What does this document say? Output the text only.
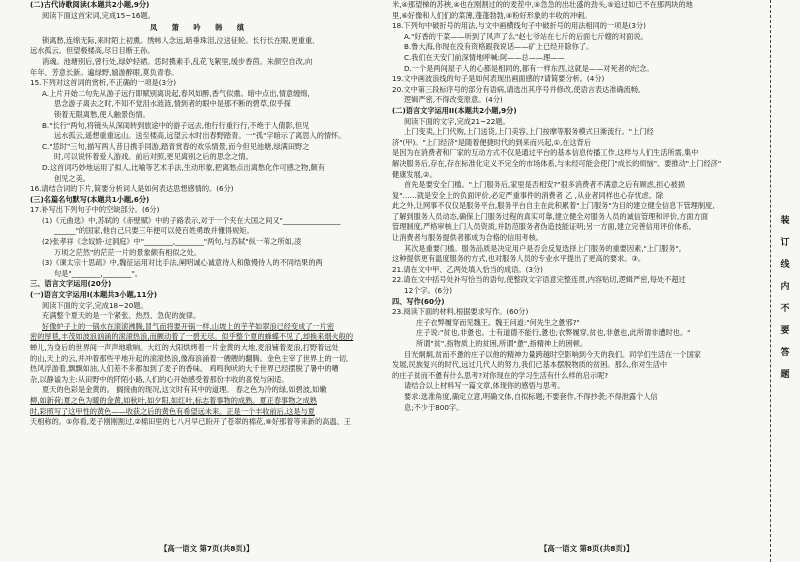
(二)古代诗歌阅读(本题共2小题,9分)
阅读下面这首宋词,完成15~16题。
凤 箫 吟 韩 缜
锁离愁,连绵无际,来时陌上初熏。绣帏人念远,暗垂珠泪,泣送征轮。长行长在眼,更重重、
远水孤云。但望极楼高,尽日目断王孙。
消魂。池塘别后,曾行处,绿妒轻裙。恁时携素手,乱花飞絮里,缓步香茵。朱颜空自改,向
年年、芳意长新。遍绿野,嬉游醉眼,莫负青春。
15.下列对这首词的赏析,不正确的一项是(3分)
A.上片开始二句先从游子远行即赋别离说起,春风如醉,香气似熏。暗中点出,情意缠绵,
思念游子离去之时,不知不觉泪水涟涟,情到者的眼中是那不断的碧草,似乎探
锁着无限离愁,使人触景伤情。
B."长行"两句,将镜头从深闺转到旅途中的游子远去,他行行重行行,不绝于人倩影,但见
远水孤云,遥想重重远山。送至楼高,远望云水时出春野踏青。一"孤"字暗示了离思人的情怀。
C."恁时"三句,描写两人昔日携手同游,踏青赏春的欢乐情景,而今但见池塘,绿满田野之
时,可以说怀着爱人游戏。前后对照,更见离别之后的思念之情。
D.这首词巧妙地运用了拟人,比喻等艺术手法,生动形象,把离愁点出离愁化作可感之物,颇有
创见之美。
16.请结合词的下片,简要分析词人是如何表达思想感情的。(6分)
(三)名篇名句默写(本题共1小题,6分)
17.补写出下列句子中的空缺部分。(6分)
(1)《元曲选》中,苏轼的《赤壁赋》中的子路表示,对于一个夹在大国之间又"________________
______"的国家,他自己只要三年便可以使百姓勇敢并懂得规矩。
(2)张孝祥《念奴娇·过洞庭》中"________,________"两句,与苏轼"纵一苇之所如,凌
万顷之茫然"的茫茫一片的景象颇有相似之处。
(3)《谏太宗十思疏》中,魏征运用对比手法,阐明诚心诚意待人和傲慢待人的不同结果的两
句是"________,________"。
三、语言文字运用(20分)
(一)语言文字运用I(本题共3小题,11分)
阅读下面的文字,完成18~20题。
充满整个夏天的是一个紧张、热烈、急促的旋律。
好像炉子上的一锅水在滚滚沸腾,冒气而将要开锅一样,山坡上的芋芊如翠浪已经变成了一片密
密的厚毯,丰茂如波浪汹涌的滚滚热浪,而颤动着了一碧无尽。似乎整个夏的蜂蝶不见了,却换来烟火般的
蝉儿,为身后的世界间一声声地歌响。大红的大阳烘烤着一片金黄的大地,麦浪铺着麦浪,打野着远处
的山,天上的云,并冲着那些平地升起的滚滚热浪,像海浪涌着一艘艘的翻腾。金色主宰了世界上的一切,
热风浮游着,飘飘如油,人们差不多都加到了麦子的香味。 鸡鸣狗吠的大千世界已经摆脱了暑中的嘈
杂,以静谧为主:从田野中的阡陌小路,人们的心开始感受着那份丰收的喜悦与闲适。
夏天的色彩是金黄的。 搁接曲的现况,这文时有其中的道理。 春之色为冷的绿,如碧波,如嫩
柳,如新荷;夏之色为暖的金黄,如秋叶,如夕阳,如红叶,标志着事物的成熟。夏正春事物之成熟
时,彩照写了这甲性的黄色——收获之后的黄色有希望远未来。正是一个丰收前后,这是与夏
天相称的。①你看,麦子刚刚割过,②棉田里的七八月早已盼开了苍翠的棉花,⑧好那着等来新的高温、王
米,④那望梯的苏秧,④也在刚割过的的麦茬中,⑤急急的出壮盛的劲头,⑤追过如已不在那两块的地
里,⑥好像和人们们的菜薄,蓬蓬勃勃,④粉好形象的丰收的冲刺。
18.下列句中破折号的用法,与文中画横线句子中破折号的用法相同的一项是(3分)
A."好香的干菜——听到了风声了么"赵七爷站在七斤的后面七斤嫂的对面说。
B.鲁大海,你现在没有资格跟我说话——矿上已经开除你了。
C.我们在天安门前深情地呼喊:阿——总——理——
D.一个是两间屋子人的心都是相同的,都有一样东西,这就是——对死者的纪念。
19.文中画波浪线的句子是如何表现出画面感的?请简要分析。(4分)
20.文中第三段标序号的部分有语病,请选出其序号并修改,使语言表达准确流畅,
逻辑严密,不得改变原意。(4分)
(二)语言文字运用II(本题共2小题,9分)
阅读下面的文字,完成21~22题。
上门变卖,上门代购,上门送货,上门美容,上门按摩等服务模式日渐流行。"上门经
济"(甲)。"上门经济"是随着便捷时代的到来而兴起,①,在这背后
是因为在消费者和厂家的互动方式不仅是通过平台的基本信息传播工作,这样与人们生活所需,集中
解决服务后,存在,存在标准化定义不完全的市场体系,与未经可能会使门"成长的烦恼"。要推动"上门经济"
健康发展,②。
首先是要安全门槛。"上门服务后,家里是否相安?"很多消费者不满意之后有顾虑,担心被损
复"……就是安全上的负面评价,必定严重事件的消费者 乙 ,从业者同样也心存忧虑。除
此之外,让网事不仅仅是服务平台,服务平台自主在此积累着"上门服务"为目的建立健全信息下管理制度,
了解到服务人员动态,确保上门服务过程的真实可靠,建立健全对服务人员的诚信管理和评价,方面方面
管理制度,严格审核上门人员资质,并防范服务者伪造技能证明;另一方面,建立完善信用评价体系,
让消费者与服务提供者都成为合格的信用考核。
其次是重要门槛。服务品质是决定用户是否会反复选择上门服务的重要因素,"上门服务",
这种提供更有温度服务的方式,也对服务人员的专业水平提出了更高的要求。③。
21.请在文中甲、乙两处填入恰当的成语。(3分)
22.请在文中括号处补写恰当的语句,使整段文字语意完整连贯,内容贴切,逻辑严密,每处不超过
12个字。(6分)
四、写作(60分)
23.阅读下面的材料,根据要求写作。(60分)
庄子衣弊履穿而见魏王。魏王问道:"何先生之惫邪?"
庄子说:"贫也,非惫也。士有道德不能行,惫也;衣弊履穿,贫也,非惫也,此所谓非遭时也。"
所谓"贫",指物质上的贫困,所谓"惫",指精神上的困顿。
目光炯炯,贫而不惫的庄子以他的精神力量跨越时空影响到今天的我们。同学们生活在一个国家
发展,民族复兴的时代,远过几代人的努力,我们已基本摆脱物质的贫困。那么,你对生活中
的庄子贫而不惫有什么思考?对你现在的学习生活有什么样的启示呢?
请结合以上材料写一篇文章,体现你的感悟与思考。
要求:选准角度,确定立意,明确文体,自拟标题;不要套作,不得抄袭;不得泄露个人信
息;不少于800字。
【高一语文 第7页(共8页)】	【高一语文 第8页(共8页)】
装
订
线
内
不
要
答
题
